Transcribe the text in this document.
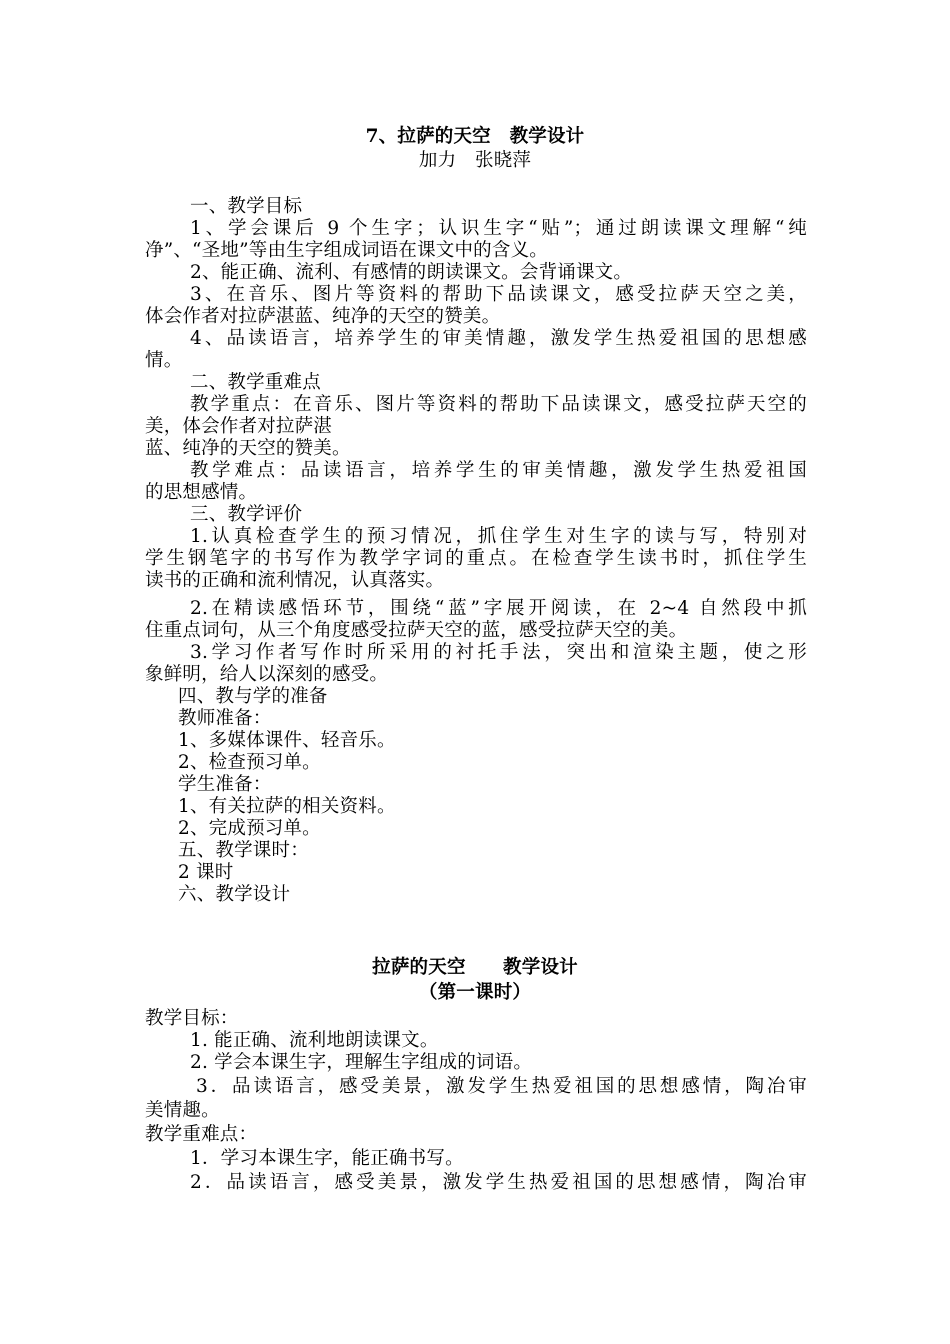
7、拉萨的天空　教学设计
加力　张晓萍
一、教学目标
1、学会课后 9 个生字；认识生字“贴”；通过朗读课文理解“纯
净”、“圣地”等由生字组成词语在课文中的含义。
2、能正确、流利、有感情的朗读课文。会背诵课文。
3、在音乐、图片等资料的帮助下品读课文，感受拉萨天空之美，
体会作者对拉萨湛蓝、纯净的天空的赞美。
4、品读语言，培养学生的审美情趣，激发学生热爱祖国的思想感
情。
二、教学重难点
教学重点：在音乐、图片等资料的帮助下品读课文，感受拉萨天空的
美，体会作者对拉萨湛
蓝、纯净的天空的赞美。
教学难点：品读语言，培养学生的审美情趣，激发学生热爱祖国
的思想感情。
三、教学评价
1.认真检查学生的预习情况，抓住学生对生字的读与写，特别对
学生钢笔字的书写作为教学字词的重点。在检查学生读书时，抓住学生
读书的正确和流利情况，认真落实。
2.在精读感悟环节，围绕“蓝”字展开阅读，在 2~4 自然段中抓
住重点词句，从三个角度感受拉萨天空的蓝，感受拉萨天空的美。
3.学习作者写作时所采用的衬托手法，突出和渲染主题，使之形
象鲜明，给人以深刻的感受。
四、教与学的准备
教师准备：
1、多媒体课件、轻音乐。
2、检查预习单。
学生准备：
1、有关拉萨的相关资料。
2、完成预习单。
五、教学课时：
2 课时
六、教学设计
拉萨的天空　　教学设计
（第一课时）
教学目标：
1. 能正确、流利地朗读课文。
2. 学会本课生字，理解生字组成的词语。
3．品读语言，感受美景，激发学生热爱祖国的思想感情，陶冶审
美情趣。
教学重难点：
1．学习本课生字，能正确书写。
2．品读语言，感受美景，激发学生热爱祖国的思想感情，陶冶审
